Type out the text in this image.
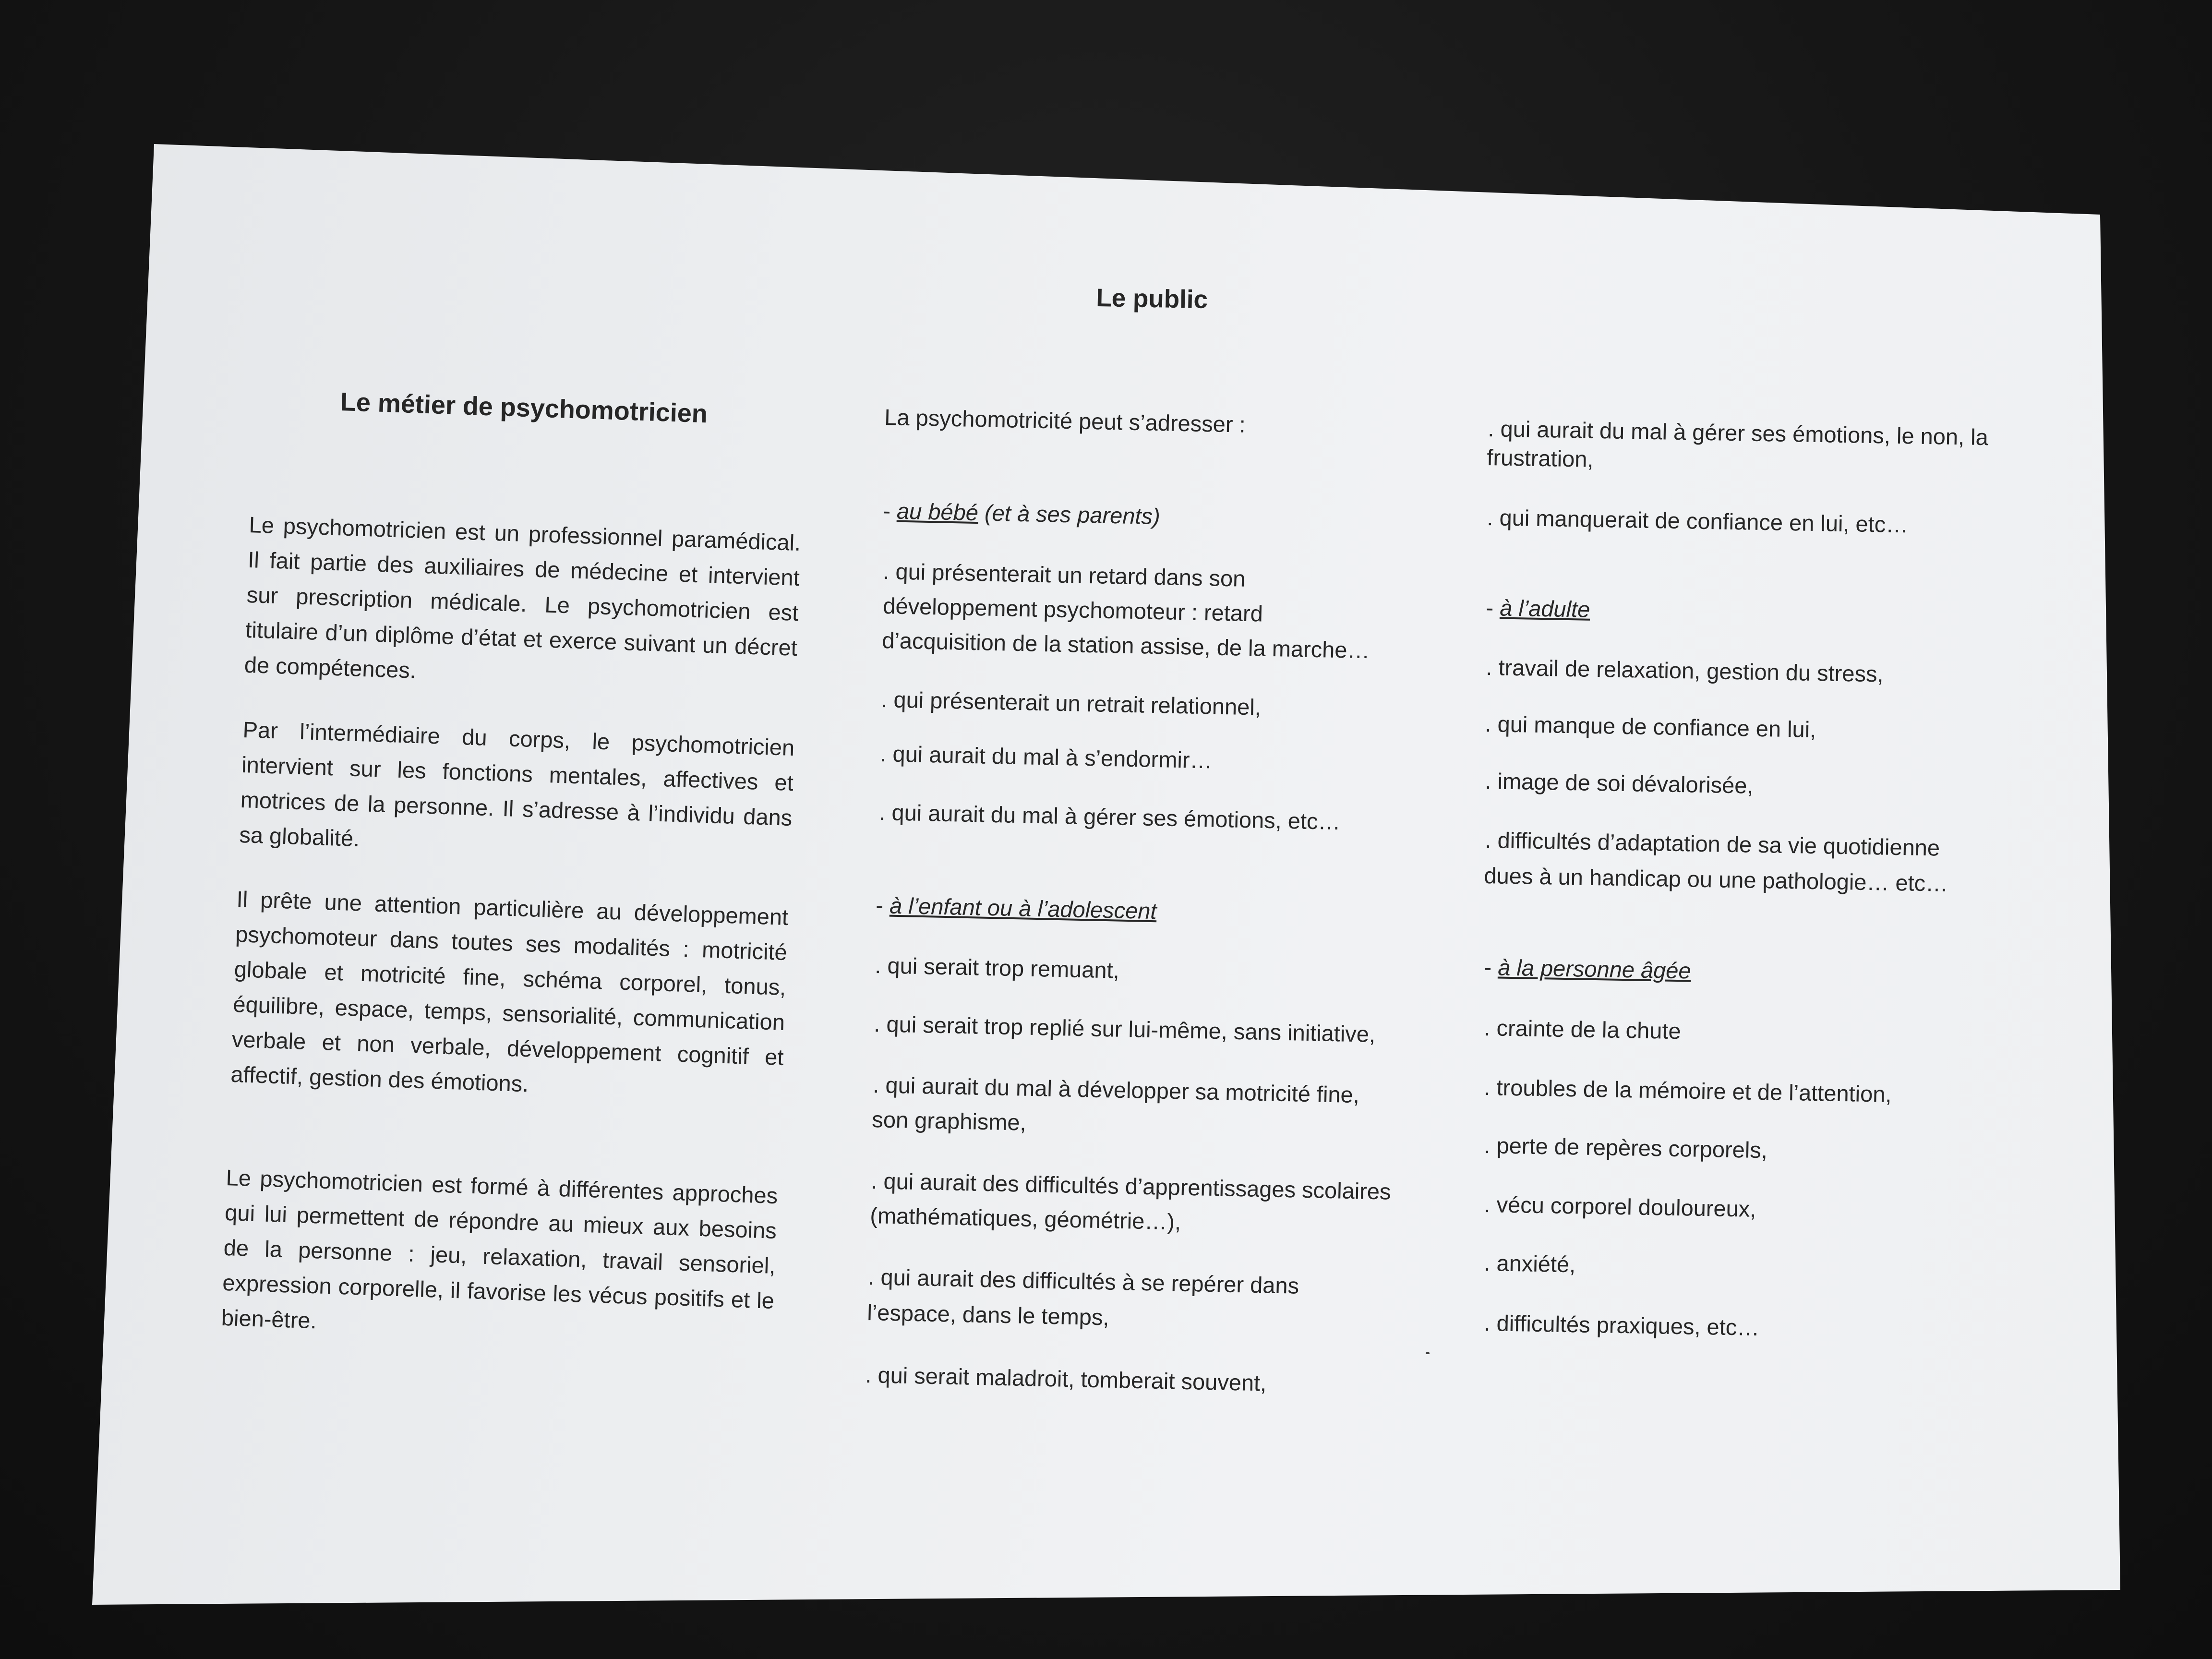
Le public
Le métier de psychomotricien
Le psychomotricien est un professionnel paramédical. Il fait partie des auxiliaires de médecine et intervient sur prescription médicale. Le psychomotricien est titulaire d’un diplôme d’état et exerce suivant un décret de compétences.
Par l’intermédiaire du corps, le psychomotricien intervient sur les fonctions mentales, affectives et motrices de la personne. Il s’adresse à l’individu dans sa globalité.
Il prête une attention particulière au développement psychomoteur dans toutes ses modalités : motricité globale et motricité fine, schéma corporel, tonus, équilibre, espace, temps, sensorialité, communication verbale et non verbale, développement cognitif et affectif, gestion des émotions.
Le psychomotricien est formé à différentes approches qui lui permettent de répondre au mieux aux besoins de la personne : jeu, relaxation, travail sensoriel, expression corporelle, il favorise les vécus positifs et le bien-être.
La psychomotricité peut s’adresser :
- au bébé (et à ses parents)
. qui présenterait un retard dans son
développement psychomoteur : retard
d’acquisition de la station assise, de la marche…
. qui présenterait un retrait relationnel,
. qui aurait du mal à s’endormir…
. qui aurait du mal à gérer ses émotions, etc…
- à l’enfant ou à l’adolescent
. qui serait trop remuant,
. qui serait trop replié sur lui-même, sans initiative,
. qui aurait du mal à développer sa motricité fine,
son graphisme,
. qui aurait des difficultés d’apprentissages scolaires
(mathématiques, géométrie…),
. qui aurait des difficultés à se repérer dans
l’espace, dans le temps,
. qui serait maladroit, tomberait souvent,
. qui aurait du mal à gérer ses émotions, le non, la
frustration,
. qui manquerait de confiance en lui, etc…
- à l’adulte
. travail de relaxation, gestion du stress,
. qui manque de confiance en lui,
. image de soi dévalorisée,
. difficultés d’adaptation de sa vie quotidienne
dues à un handicap ou une pathologie… etc…
- à la personne âgée
. crainte de la chute
. troubles de la mémoire et de l’attention,
. perte de repères corporels,
. vécu corporel douloureux,
. anxiété,
. difficultés praxiques, etc…
